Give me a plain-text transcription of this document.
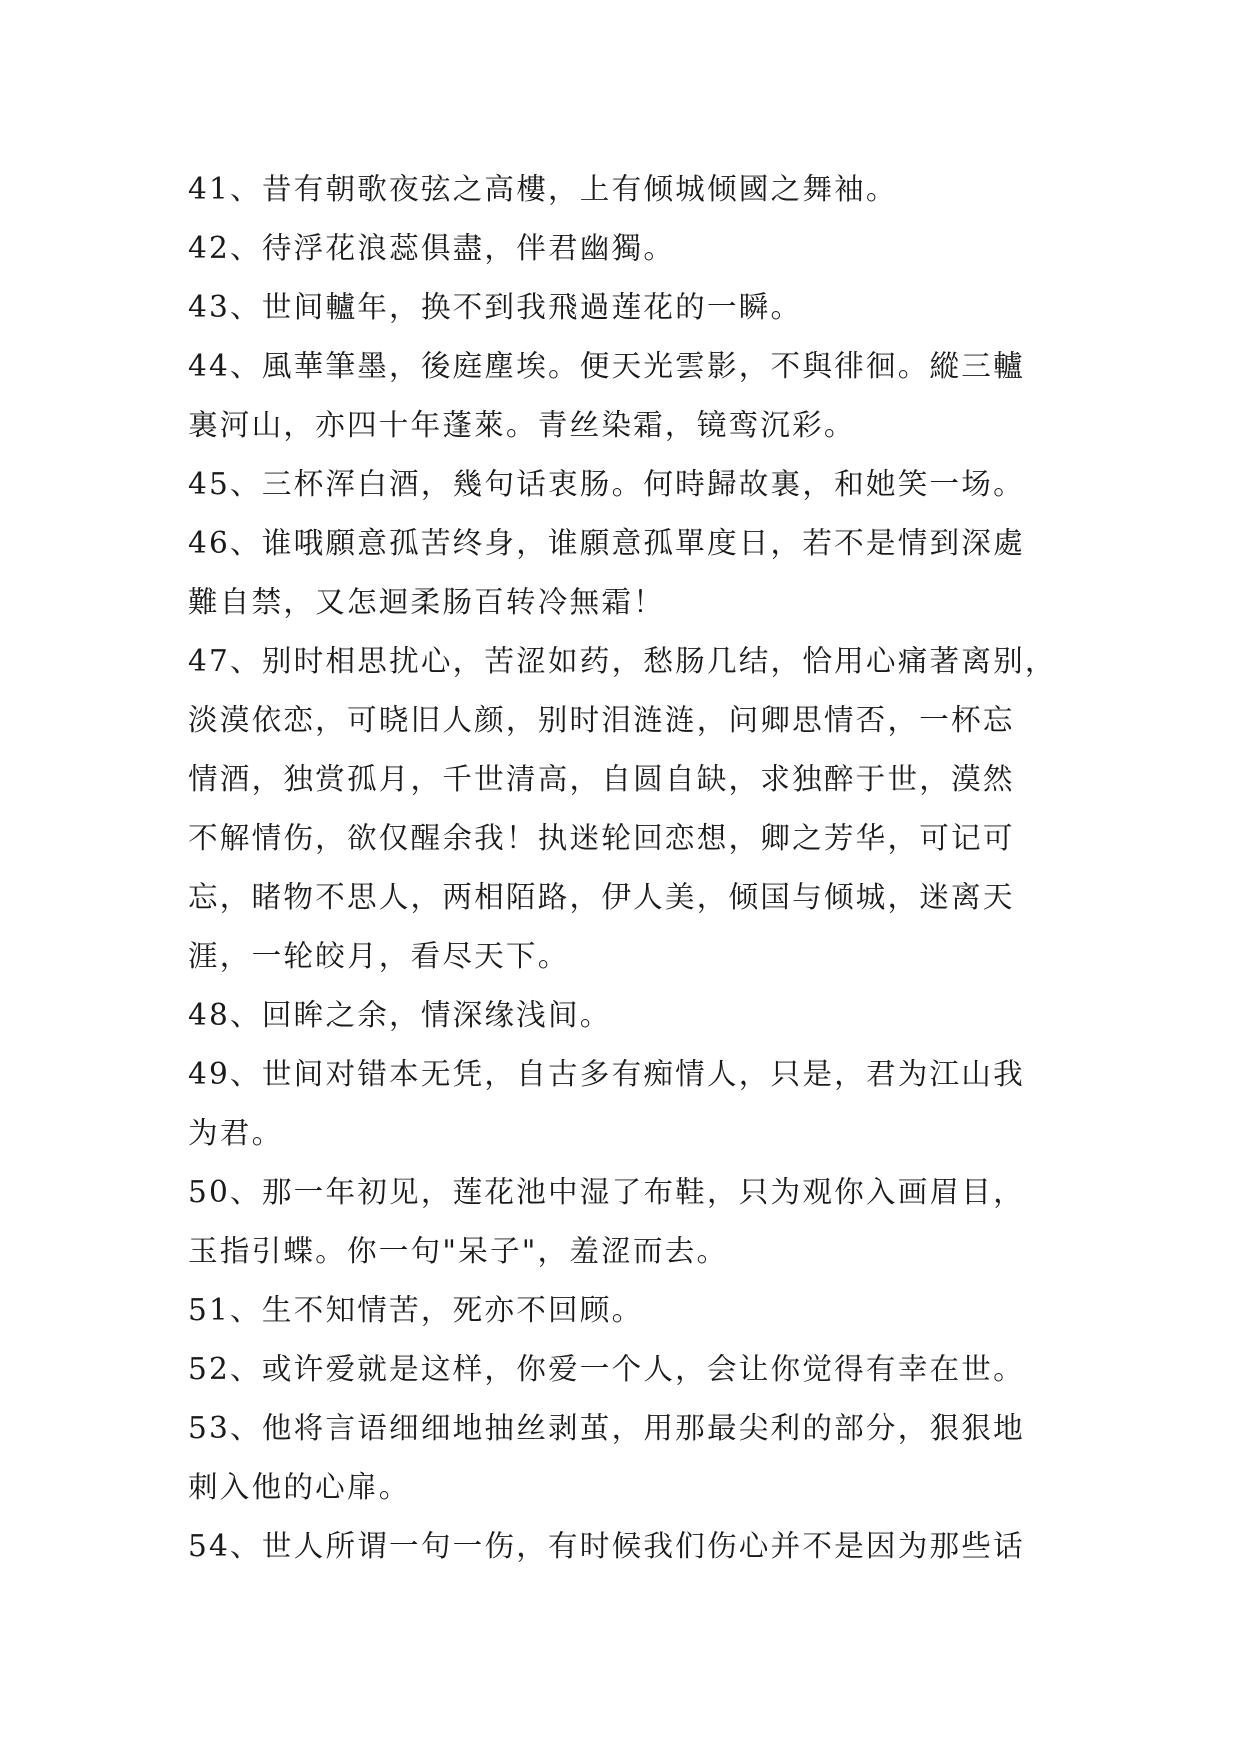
41、昔有朝歌夜弦之高樓，上有倾城倾國之舞袖。
42、待浮花浪蕊俱盡，伴君幽獨。
43、世间轤年，换不到我飛過莲花的一瞬。
44、風華筆墨，後庭塵埃。便天光雲影，不與徘徊。縱三轤
裏河山，亦四十年蓬萊。青丝染霜，镜鸾沉彩。
45、三杯浑白酒，幾句话衷肠。何時歸故裏，和她笑一场。
46、谁哦願意孤苦终身，谁願意孤單度日，若不是情到深處
難自禁，又怎迴柔肠百转冷無霜！
47、别时相思扰心，苦涩如药，愁肠几结，恰用心痛著离别，
淡漠依恋，可晓旧人颜，别时泪涟涟，问卿思情否，一杯忘
情酒，独赏孤月，千世清高，自圆自缺，求独醉于世，漠然
不解情伤，欲仅醒余我！执迷轮回恋想，卿之芳华，可记可
忘，睹物不思人，两相陌路，伊人美，倾国与倾城，迷离天
涯，一轮皎月，看尽天下。
48、回眸之余，情深缘浅间。
49、世间对错本无凭，自古多有痴情人，只是，君为江山我
为君。
50、那一年初见，莲花池中湿了布鞋，只为观你入画眉目，
玉指引蝶。你一句"呆子"，羞涩而去。
51、生不知情苦，死亦不回顾。
52、或许爱就是这样，你爱一个人，会让你觉得有幸在世。
53、他将言语细细地抽丝剥茧，用那最尖利的部分，狠狠地
刺入他的心扉。
54、世人所谓一句一伤，有时候我们伤心并不是因为那些话
